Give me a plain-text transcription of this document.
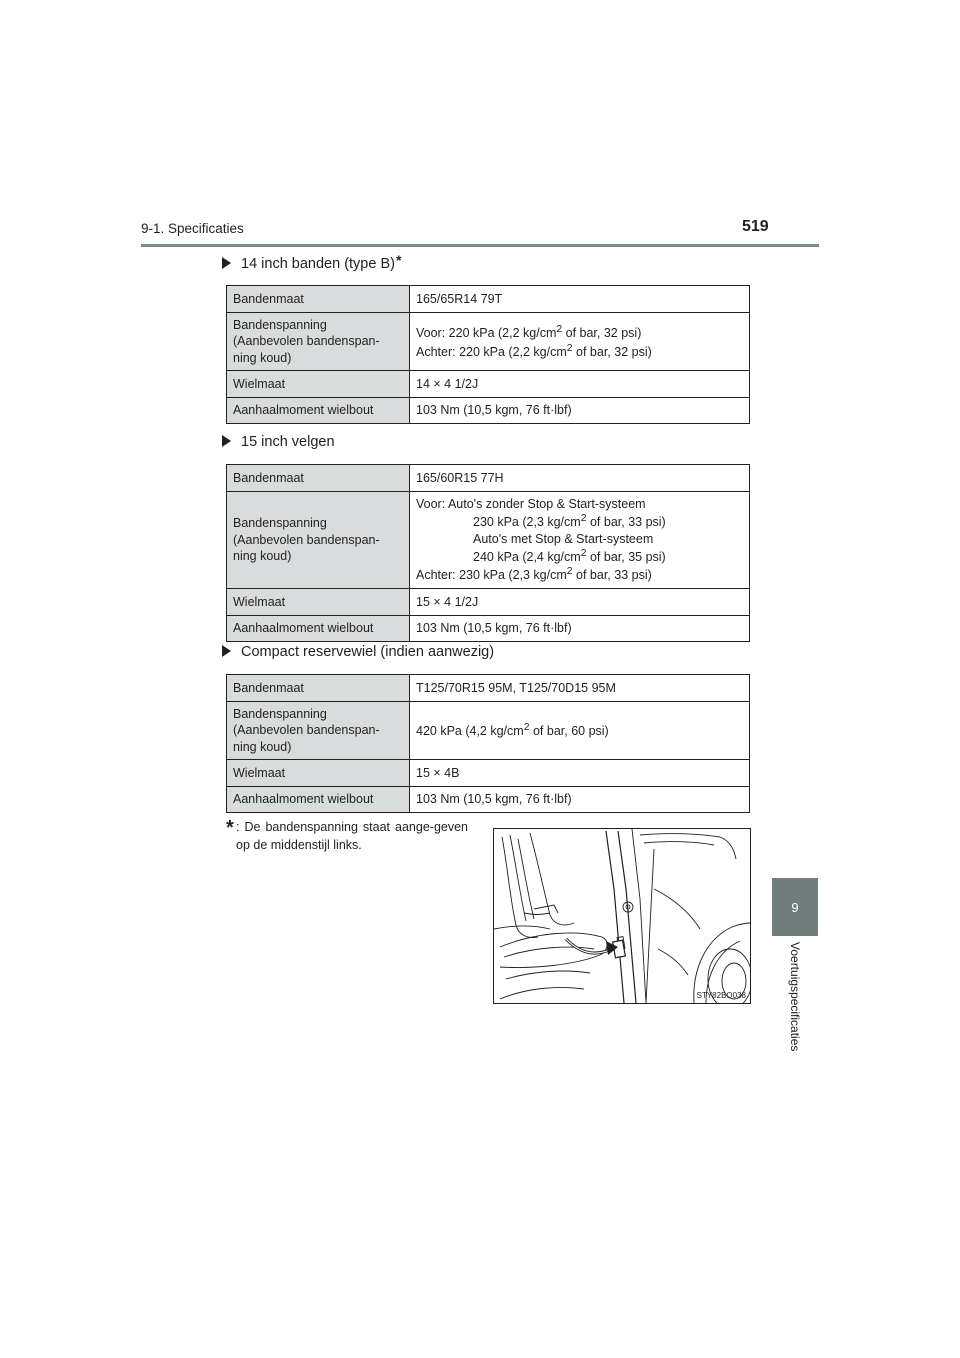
9-1. Specificaties	519
9
Voertuigspecificaties
14 inch banden (type B)*
Bandenmaat	165/65R14 79T
Bandenspanning
(Aanbevolen bandenspan-
ning koud)	Voor: 220 kPa (2,2 $kg/cm^2$ of bar, 32 psi)
Achter: 220 kPa (2,2 $kg/cm^2$ of bar, 32 psi)
Wielmaat	14 × 4 1/2J
Aanhaalmoment wielbout	103 Nm (10,5 kgm, 76 ft·lbf)
15 inch velgen
Bandenmaat	165/60R15 77H
Bandenspanning
(Aanbevolen bandenspan-
ning koud)	Voor: Auto's zonder Stop & Start-systeem

230 kPa (2,3 $kg/cm^2$ of bar, 33 psi)
Auto's met Stop & Start-systeem
240 kPa (2,4 $kg/cm^2$ of bar, 35 psi)
Achter: 230 kPa (2,3 $kg/cm^2$ of bar, 33 psi)
Wielmaat	15 × 4 1/2J
Aanhaalmoment wielbout	103 Nm (10,5 kgm, 76 ft·lbf)
Compact reservewiel (indien aanwezig)
Bandenmaat	T125/70R15 95M, T125/70D15 95M
Bandenspanning
(Aanbevolen bandenspan-
ning koud)	420 kPa (4,2 $kg/cm^2$ of bar, 60 psi)
Wielmaat	15 × 4B
Aanhaalmoment wielbout	103 Nm (10,5 kgm, 76 ft·lbf)
* : De bandenspanning staat aange-geven op de middenstijl links.
STY82BO038
